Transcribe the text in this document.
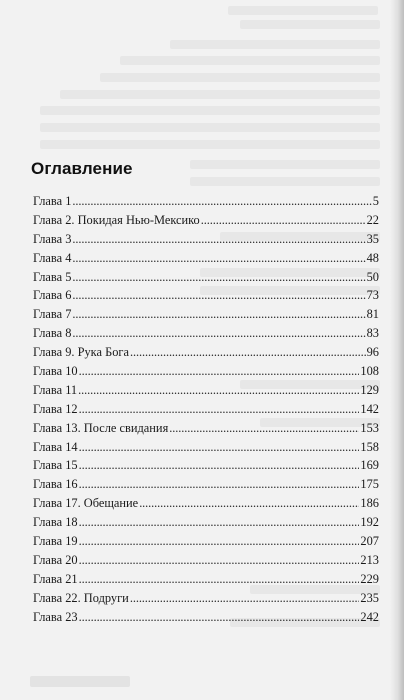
Оглавление
Глава 1 . . .	5
Глава 2. Покидая Нью-Мексико . . .	22
Глава 3 . . .	35
Глава 4 . . .	48
Глава 5 . . .	50
Глава 6 . . .	73
Глава 7 . . .	81
Глава 8 . . .	83
Глава 9. Рука Бога . . .	96
Глава 10 . . .	108
Глава 11 . . .	129
Глава 12 . . .	142
Глава 13. После свидания . . .	153
Глава 14 . . .	158
Глава 15 . . .	169
Глава 16 . . .	175
Глава 17. Обещание . . .	186
Глава 18 . . .	192
Глава 19 . . .	207
Глава 20 . . .	213
Глава 21 . . .	229
Глава 22. Подруги . . .	235
Глава 23 . . .	242
